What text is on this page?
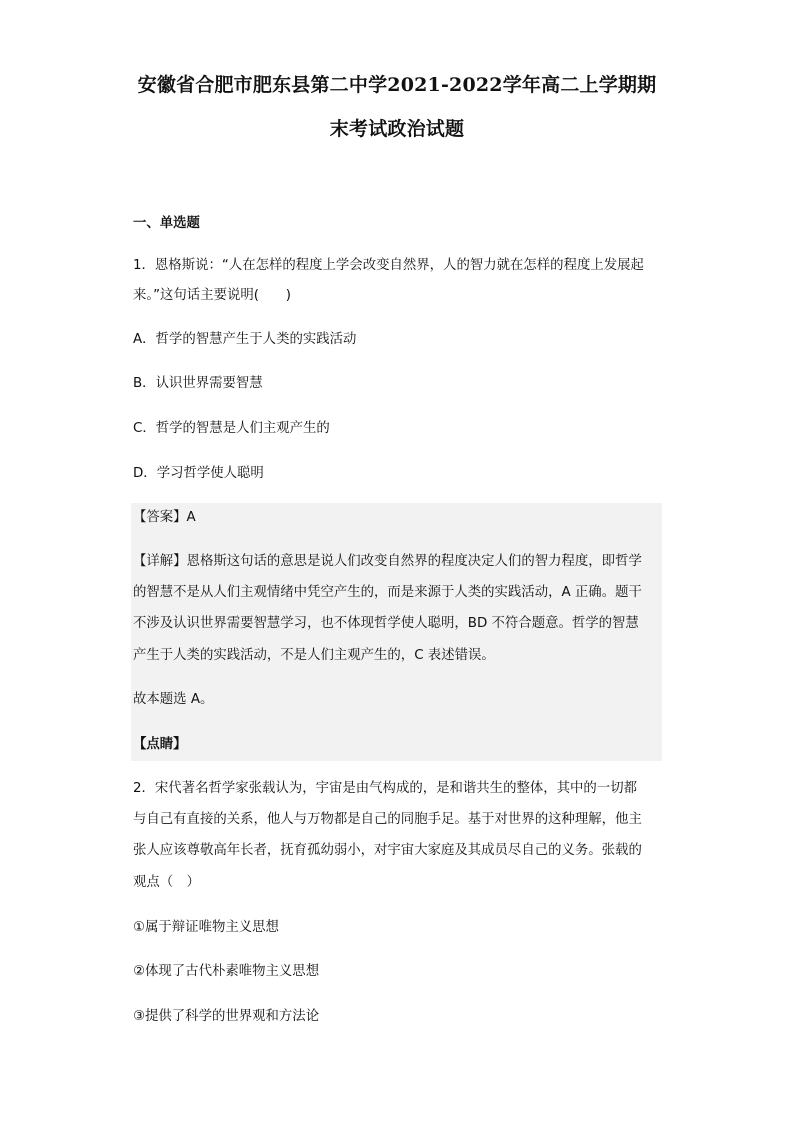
安徽省合肥市肥东县第二中学2021-2022学年高二上学期期
末考试政治试题
一、单选题
1．恩格斯说：“人在怎样的程度上学会改变自然界，人的智力就在怎样的程度上发展起
来。”这句话主要说明(　　)
A．哲学的智慧产生于人类的实践活动
B．认识世界需要智慧
C．哲学的智慧是人们主观产生的
D．学习哲学使人聪明
【答案】A
【详解】恩格斯这句话的意思是说人们改变自然界的程度决定人们的智力程度，即哲学
的智慧不是从人们主观情绪中凭空产生的，而是来源于人类的实践活动，A 正确。题干
不涉及认识世界需要智慧学习，也不体现哲学使人聪明，BD 不符合题意。哲学的智慧
产生于人类的实践活动，不是人们主观产生的，C 表述错误。
故本题选 A。
【点睛】
2．宋代著名哲学家张载认为，宇宙是由气构成的，是和谐共生的整体，其中的一切都
与自己有直接的关系，他人与万物都是自己的同胞手足。基于对世界的这种理解，他主
张人应该尊敬高年长者，抚育孤幼弱小，对宇宙大家庭及其成员尽自己的义务。张载的
观点（　）
①属于辩证唯物主义思想
②体现了古代朴素唯物主义思想
③提供了科学的世界观和方法论
